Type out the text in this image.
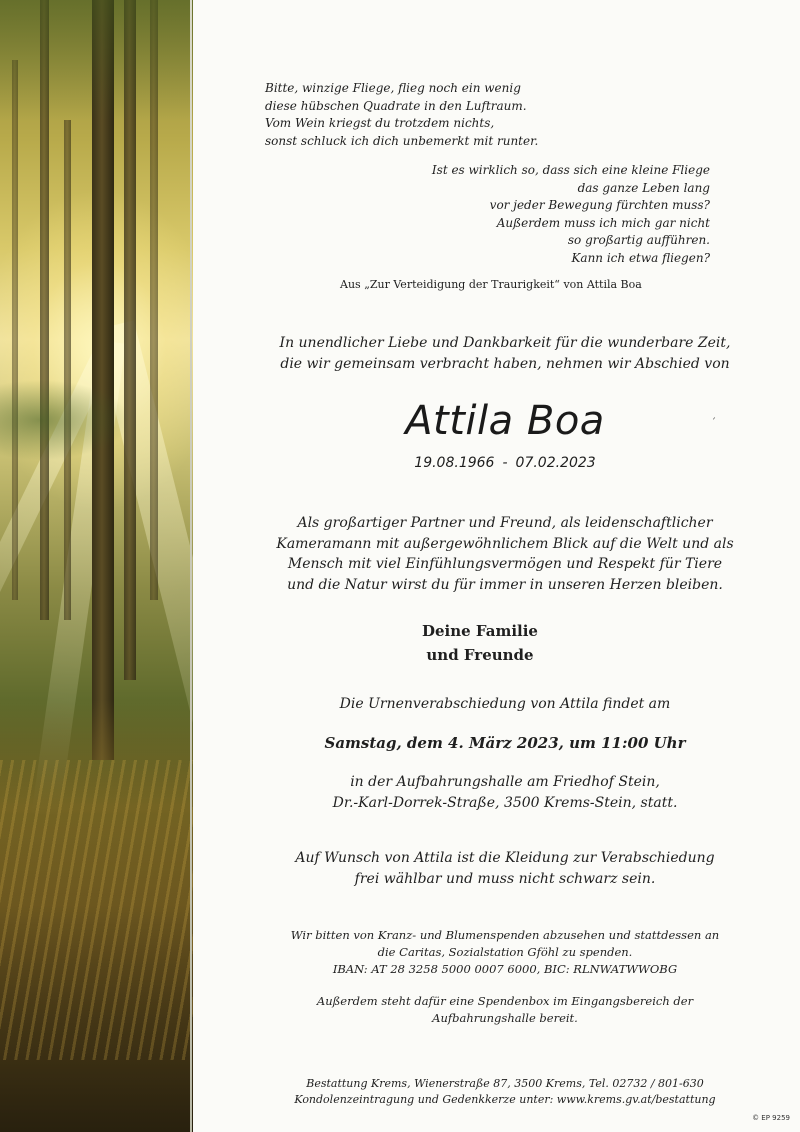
Bitte, winzige Fliege, flieg noch ein wenig
diese hübschen Quadrate in den Luftraum.
Vom Wein kriegst du trotzdem nichts,
sonst schluck ich dich unbemerkt mit runter.
Ist es wirklich so, dass sich eine kleine Fliege
das ganze Leben lang
vor jeder Bewegung fürchten muss?
Außerdem muss ich mich gar nicht
so großartig aufführen.
Kann ich etwa fliegen?
Aus „Zur Verteidigung der Traurigkeit“ von Attila Boa
In unendlicher Liebe und Dankbarkeit für die wunderbare Zeit,
die wir gemeinsam verbracht haben, nehmen wir Abschied von
Attila Boa	´
19.08.1966 - 07.02.2023
Als großartiger Partner und Freund, als leidenschaftlicher
Kameramann mit außergewöhnlichem Blick auf die Welt und als
Mensch mit viel Einfühlungsvermögen und Respekt für Tiere
und die Natur wirst du für immer in unseren Herzen bleiben.
Deine Familie
und Freunde
Die Urnenverabschiedung von Attila findet am
Samstag, dem 4. März 2023, um 11:00 Uhr
in der Aufbahrungshalle am Friedhof Stein,
Dr.-Karl-Dorrek-Straße, 3500 Krems-Stein, statt.
Auf Wunsch von Attila ist die Kleidung zur Verabschiedung
frei wählbar und muss nicht schwarz sein.
Wir bitten von Kranz- und Blumenspenden abzusehen und stattdessen an
die Caritas, Sozialstation Gföhl zu spenden.
IBAN: AT 28 3258 5000 0007 6000, BIC: RLNWATWWOBG
Außerdem steht dafür eine Spendenbox im Eingangsbereich der
Aufbahrungshalle bereit.
Bestattung Krems, Wienerstraße 87, 3500 Krems, Tel. 02732 / 801-630
Kondolenzeintragung und Gedenkkerze unter: www.krems.gv.at/bestattung
© EP 9259
